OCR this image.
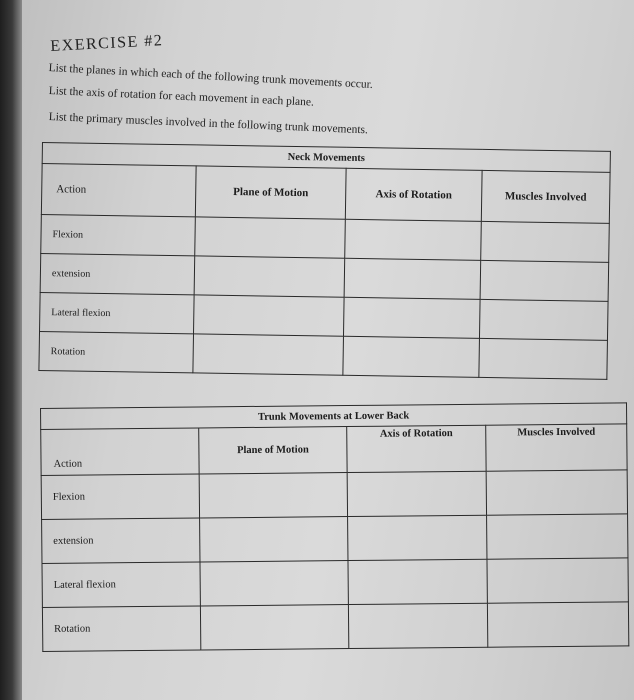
EXERCISE #2
List the planes in which each of the following trunk movements occur.
List the axis of rotation for each movement in each plane.
List the primary muscles involved in the following trunk movements.
Neck Movements			
Action	Plane of Motion	Axis of Rotation	Muscles Involved
Flexion			
extension			
Lateral flexion			
Rotation			
Trunk Movements at Lower Back			
Action	Plane of Motion	Axis of Rotation	Muscles Involved
Flexion			
extension			
Lateral flexion			
Rotation			
